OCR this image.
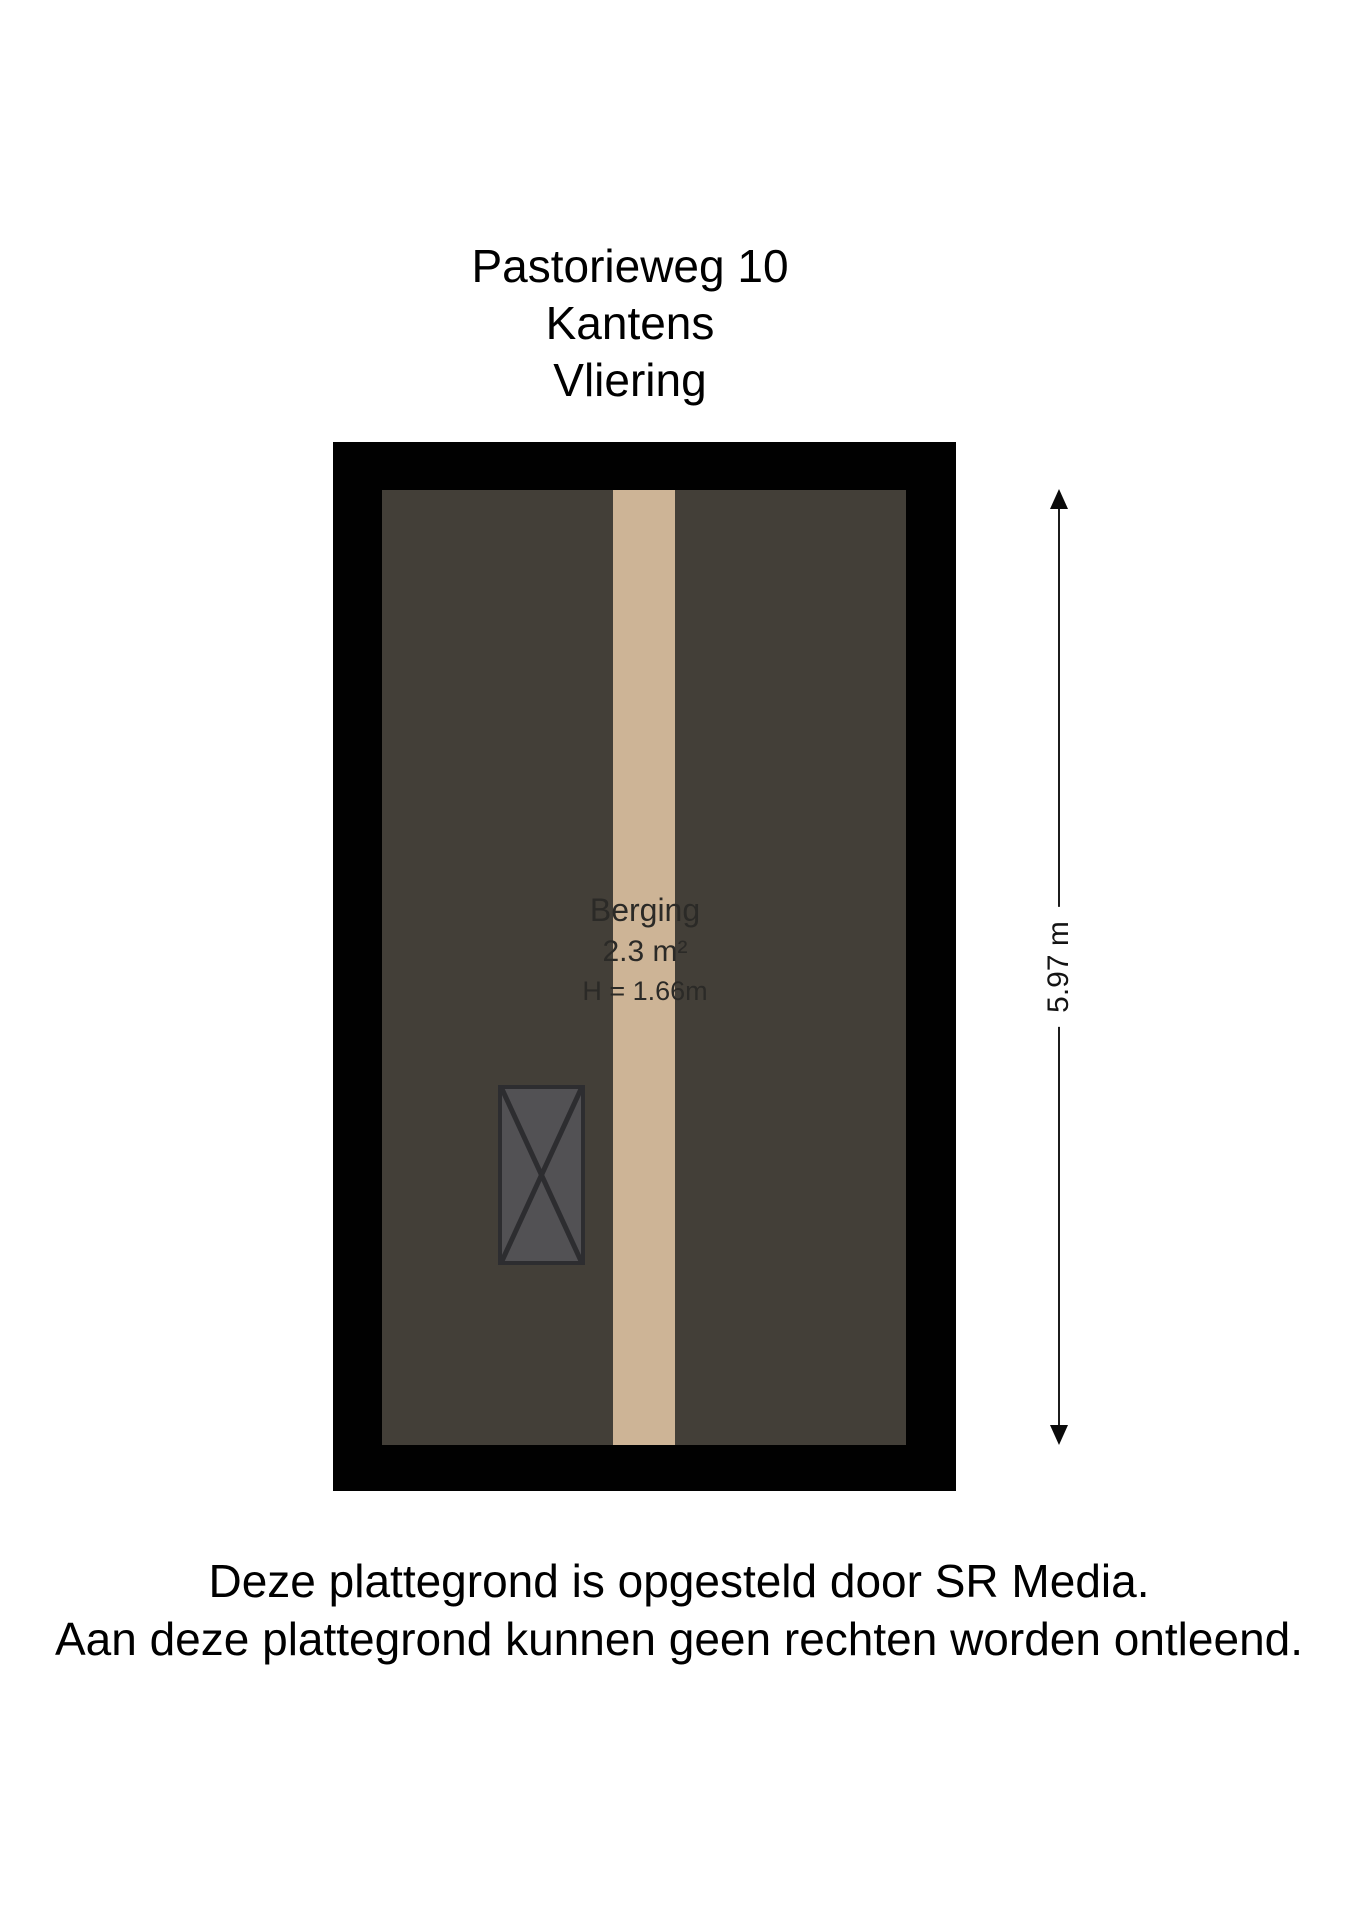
Pastorieweg 10
Kantens
Vliering
Berging
2.3 m²
H = 1.66m	5.97 m
Deze plattegrond is opgesteld door SR Media.
Aan deze plattegrond kunnen geen rechten worden ontleend.
